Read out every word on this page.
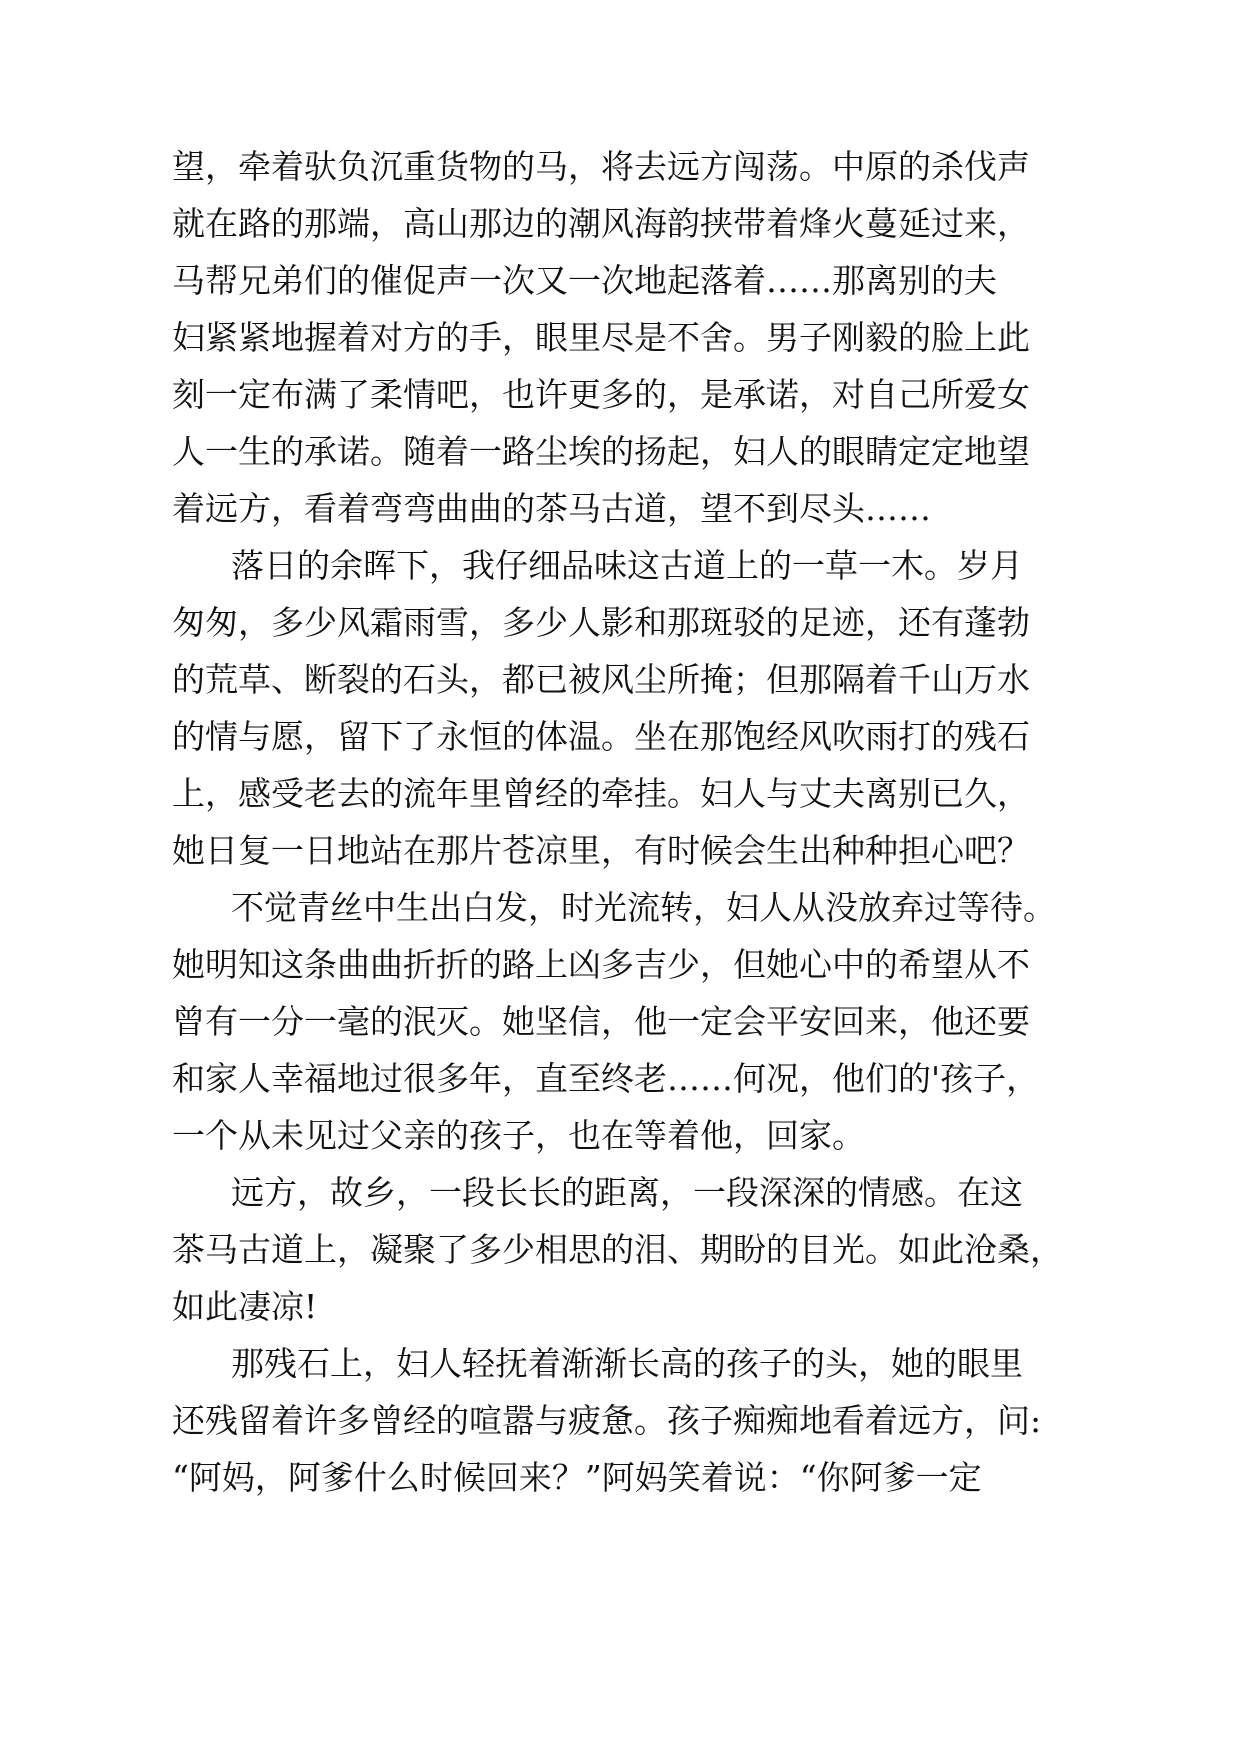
望，牵着驮负沉重货物的马，将去远方闯荡。中原的杀伐声

就在路的那端，高山那边的潮风海韵挟带着烽火蔓延过来，

马帮兄弟们的催促声一次又一次地起落着……那离别的夫

妇紧紧地握着对方的手，眼里尽是不舍。男子刚毅的脸上此

刻一定布满了柔情吧，也许更多的，是承诺，对自己所爱女

人一生的承诺。随着一路尘埃的扬起，妇人的眼睛定定地望

着远方，看着弯弯曲曲的茶马古道，望不到尽头……

落日的余晖下，我仔细品味这古道上的一草一木。岁月

匆匆，多少风霜雨雪，多少人影和那斑驳的足迹，还有蓬勃

的荒草、断裂的石头，都已被风尘所掩；但那隔着千山万水

的情与愿，留下了永恒的体温。坐在那饱经风吹雨打的残石

上，感受老去的流年里曾经的牵挂。妇人与丈夫离别已久，

她日复一日地站在那片苍凉里，有时候会生出种种担心吧？

不觉青丝中生出白发，时光流转，妇人从没放弃过等待。

她明知这条曲曲折折的路上凶多吉少，但她心中的希望从不

曾有一分一毫的泯灭。她坚信，他一定会平安回来，他还要

和家人幸福地过很多年，直至终老……何况，他们的'孩子，

一个从未见过父亲的孩子，也在等着他，回家。

远方，故乡，一段长长的距离，一段深深的情感。在这

茶马古道上，凝聚了多少相思的泪、期盼的目光。如此沧桑，

如此凄凉!

那残石上，妇人轻抚着渐渐长高的孩子的头，她的眼里

还残留着许多曾经的喧嚣与疲惫。孩子痴痴地看着远方，问:

“阿妈，阿爹什么时候回来？”阿妈笑着说：“你阿爹一定
